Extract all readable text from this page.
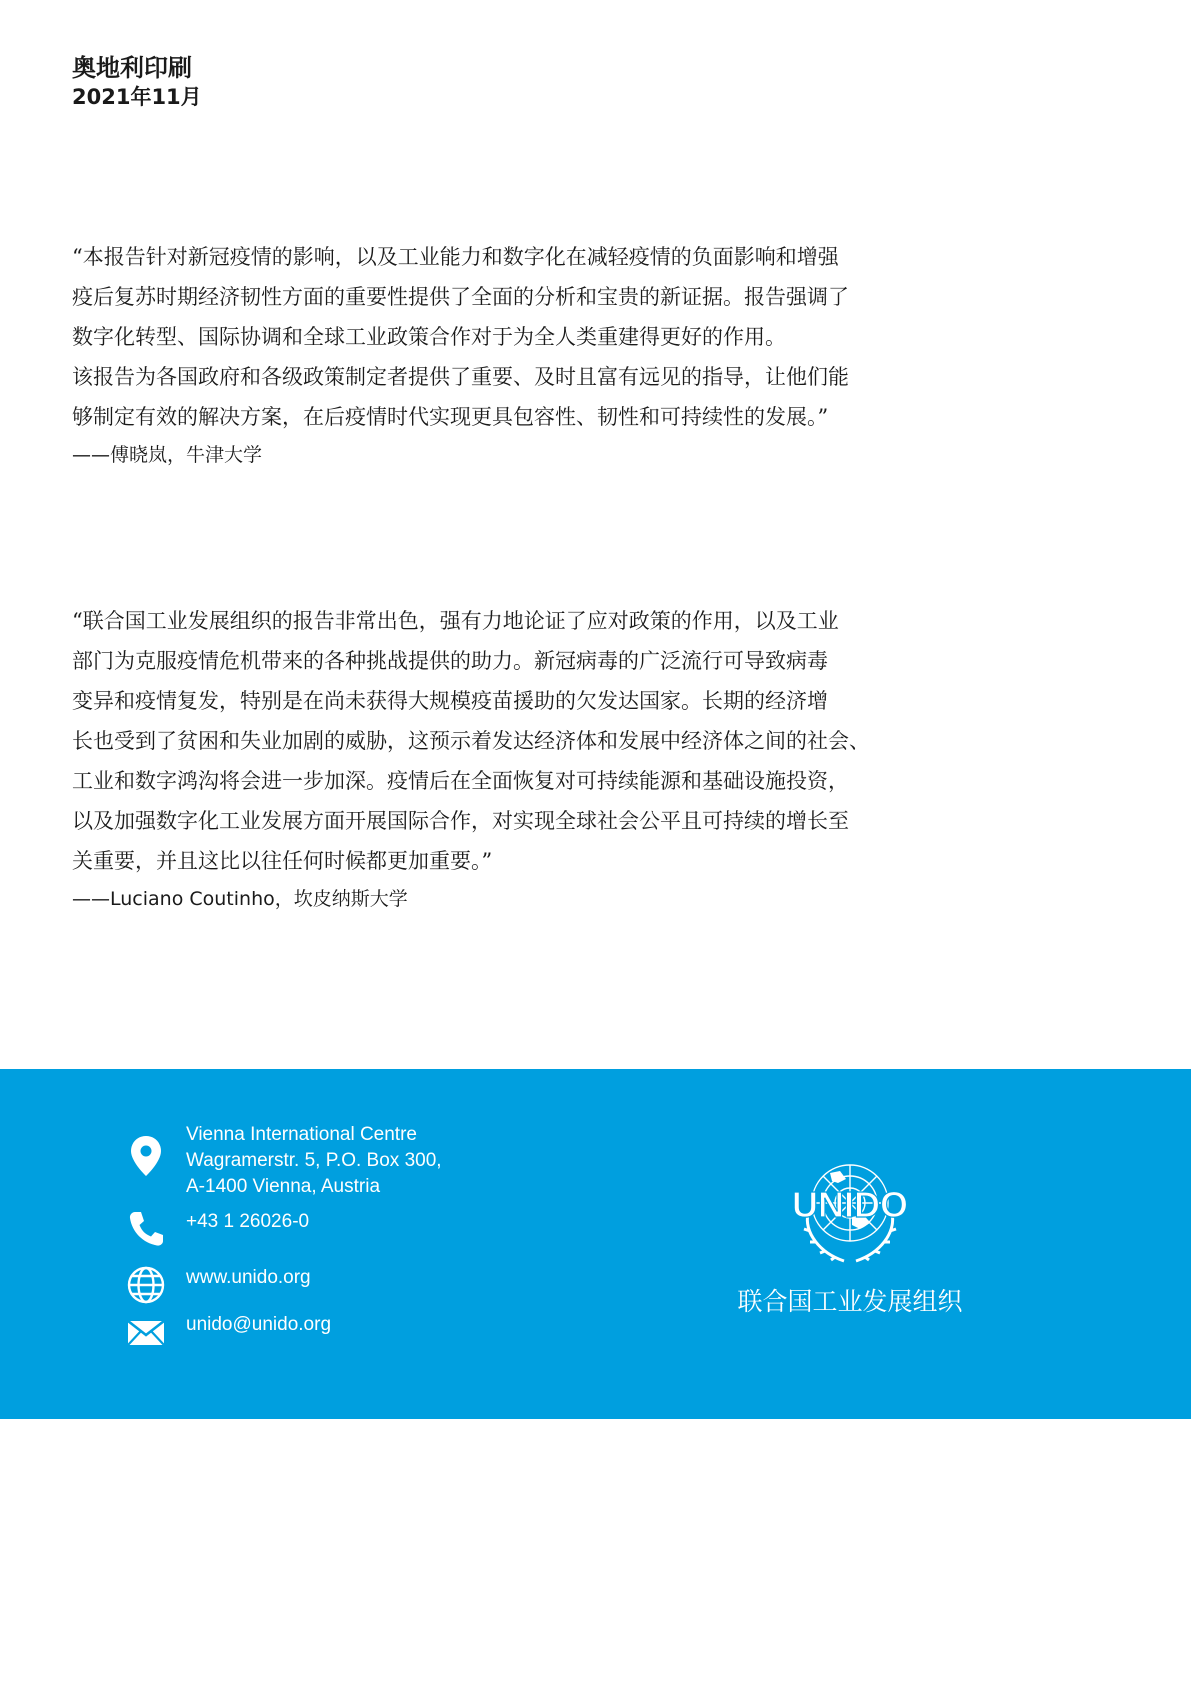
奥地利印刷
2021年11月

“本报告针对新冠疫情的影响，以及工业能力和数字化在减轻疫情的负面影响和增强

疫后复苏时期经济韧性方面的重要性提供了全面的分析和宝贵的新证据。报告强调了

数字化转型、国际协调和全球工业政策合作对于为全人类重建得更好的作用。

该报告为各国政府和各级政策制定者提供了重要、及时且富有远见的指导，让他们能

够制定有效的解决方案，在后疫情时代实现更具包容性、韧性和可持续性的发展。”

——傅晓岚，牛津大学

“联合国工业发展组织的报告非常出色，强有力地论证了应对政策的作用，以及工业

部门为克服疫情危机带来的各种挑战提供的助力。新冠病毒的广泛流行可导致病毒

变异和疫情复发，特别是在尚未获得大规模疫苗援助的欠发达国家。长期的经济增

长也受到了贫困和失业加剧的威胁，这预示着发达经济体和发展中经济体之间的社会、

工业和数字鸿沟将会进一步加深。疫情后在全面恢复对可持续能源和基础设施投资，

以及加强数字化工业发展方面开展国际合作，对实现全球社会公平且可持续的增长至

关重要，并且这比以往任何时候都更加重要。”

——Luciano Coutinho，坎皮纳斯大学

Vienna International Centre
Wagramerstr. 5, P.O. Box 300,
A-1400 Vienna, Austria
+43 1 26026-0
www.unido.org
unido@unido.org
UNIDO
联合国工业发展组织
